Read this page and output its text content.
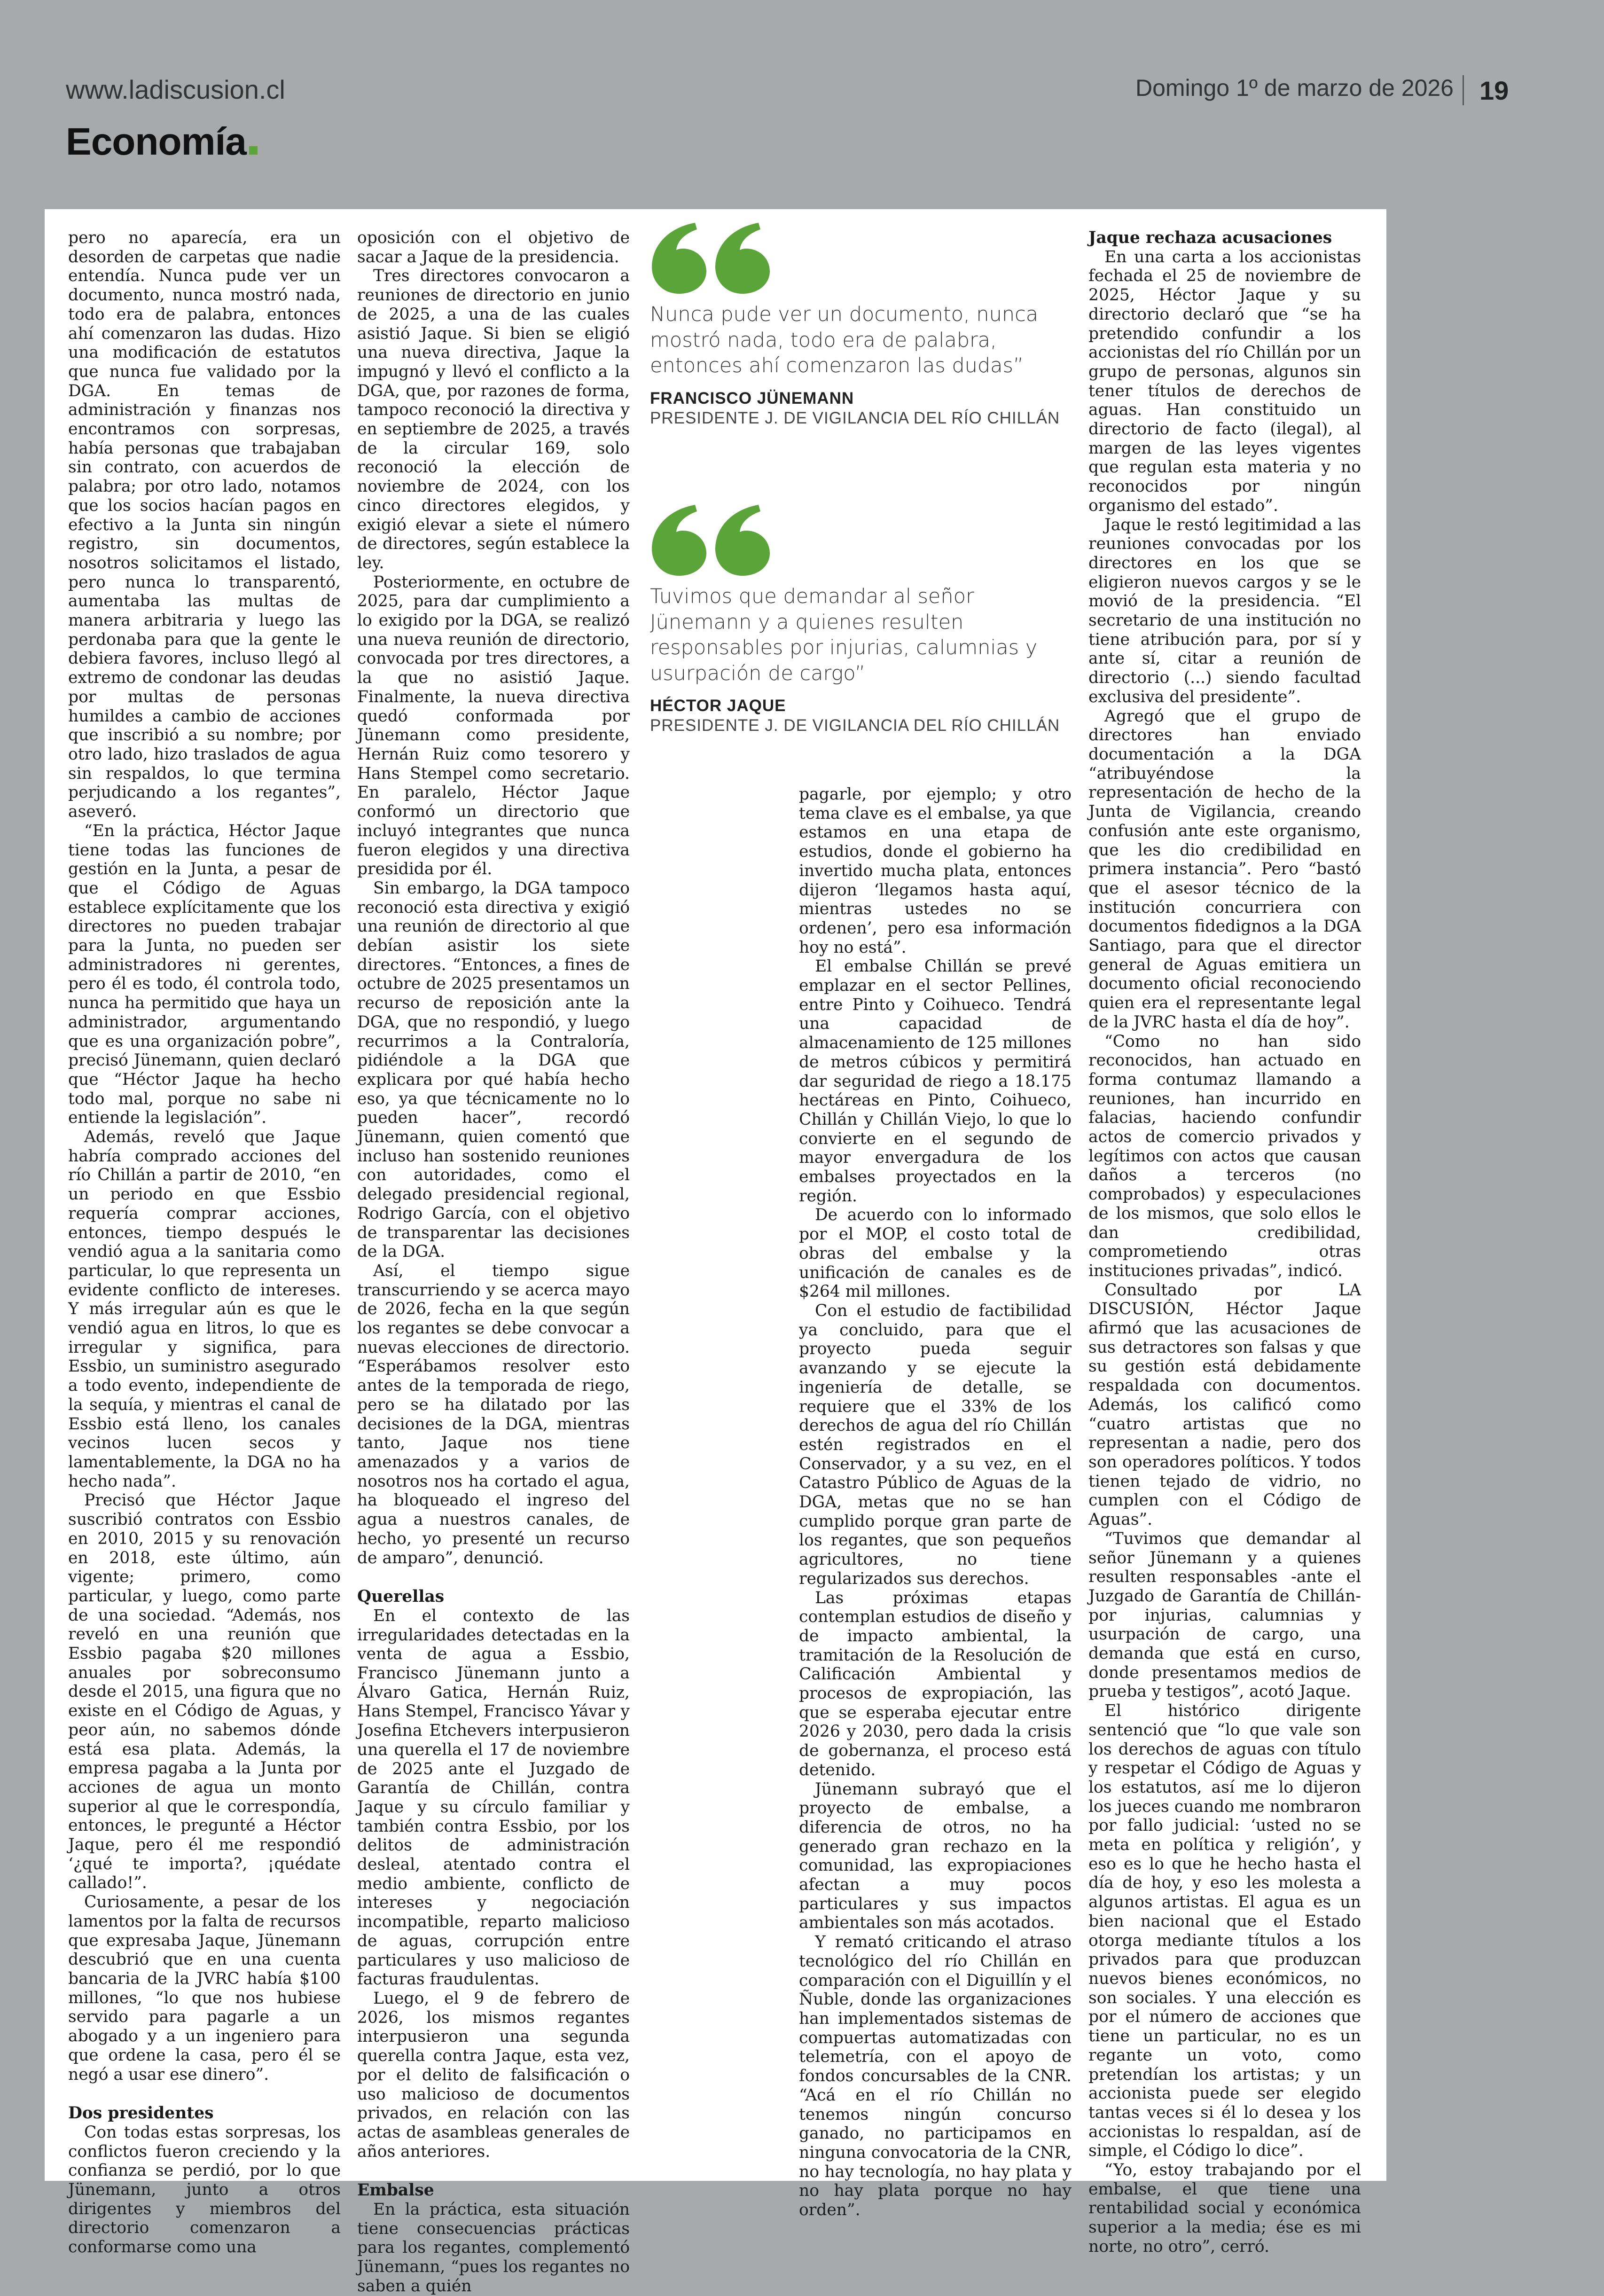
www.ladiscusion.cl	Domingo 1º de marzo de 2026 19
Economía

pero no aparecía, era un desorden de carpetas que nadie entendía. Nunca pude ver un documento, nunca mostró nada, todo era de palabra, entonces ahí comenzaron las dudas. Hizo una modificación de estatutos que nunca fue validado por la DGA. En temas de administración y finanzas nos encontramos con sorpresas, había personas que trabajaban sin contrato, con acuerdos de palabra; por otro lado, notamos que los socios hacían pagos en efectivo a la Junta sin ningún registro, sin documentos, nosotros solicitamos el listado, pero nunca lo transparentó, aumentaba las multas de manera arbitraria y luego las perdonaba para que la gente le debiera favores, incluso llegó al extremo de condonar las deudas por multas de personas humildes a cambio de acciones que inscribió a su nombre; por otro lado, hizo traslados de agua sin respaldos, lo que termina perjudicando a los regantes”, aseveró.

“En la práctica, Héctor Jaque tiene todas las funciones de gestión en la Junta, a pesar de que el Código de Aguas establece explícitamente que los directores no pueden trabajar para la Junta, no pueden ser administradores ni gerentes, pero él es todo, él controla todo, nunca ha permitido que haya un administrador, argumentando que es una organización pobre”, precisó Jünemann, quien declaró que “Héctor Jaque ha hecho todo mal, porque no sabe ni entiende la legislación”.

Además, reveló que Jaque habría comprado acciones del río Chillán a partir de 2010, “en un periodo en que Essbio requería comprar acciones, entonces, tiempo después le vendió agua a la sanitaria como particular, lo que representa un evidente conflicto de intereses. Y más irregular aún es que le vendió agua en litros, lo que es irregular y significa, para Essbio, un suministro asegurado a todo evento, independiente de la sequía, y mientras el canal de Essbio está lleno, los canales vecinos lucen secos y lamentablemente, la DGA no ha hecho nada”.

Precisó que Héctor Jaque suscribió contratos con Essbio en 2010, 2015 y su renovación en 2018, este último, aún vigente; primero, como particular, y luego, como parte de una sociedad. “Además, nos reveló en una reunión que Essbio pagaba $20 millones anuales por sobreconsumo desde el 2015, una figura que no existe en el Código de Aguas, y peor aún, no sabemos dónde está esa plata. Además, la empresa pagaba a la Junta por acciones de agua un monto superior al que le correspondía, entonces, le pregunté a Héctor Jaque, pero él me respondió ‘¿qué te importa?, ¡quédate callado!”.

Curiosamente, a pesar de los lamentos por la falta de recursos que expresaba Jaque, Jünemann descubrió que en una cuenta bancaria de la JVRC había $100 millones, “lo que nos hubiese servido para pagarle a un abogado y a un ingeniero para que ordene la casa, pero él se negó a usar ese dinero”.

Dos presidentes

Con todas estas sorpresas, los conflictos fueron creciendo y la confianza se perdió, por lo que Jünemann, junto a otros dirigentes y miembros del directorio comenzaron a conformarse como una

oposición con el objetivo de sacar a Jaque de la presidencia.

Tres directores convocaron a reuniones de directorio en junio de 2025, a una de las cuales asistió Jaque. Si bien se eligió una nueva directiva, Jaque la impugnó y llevó el conflicto a la DGA, que, por razones de forma, tampoco reconoció la directiva y en septiembre de 2025, a través de la circular 169, solo reconoció la elección de noviembre de 2024, con los cinco directores elegidos, y exigió elevar a siete el número de directores, según establece la ley.

Posteriormente, en octubre de 2025, para dar cumplimiento a lo exigido por la DGA, se realizó una nueva reunión de directorio, convocada por tres directores, a la que no asistió Jaque. Finalmente, la nueva directiva quedó conformada por Jünemann como presidente, Hernán Ruiz como tesorero y Hans Stempel como secretario. En paralelo, Héctor Jaque conformó un directorio que incluyó integrantes que nunca fueron elegidos y una directiva presidida por él.

Sin embargo, la DGA tampoco reconoció esta directiva y exigió una reunión de directorio al que debían asistir los siete directores. “Entonces, a fines de octubre de 2025 presentamos un recurso de reposición ante la DGA, que no respondió, y luego recurrimos a la Contraloría, pidiéndole a la DGA que explicara por qué había hecho eso, ya que técnicamente no lo pueden hacer”, recordó Jünemann, quien comentó que incluso han sostenido reuniones con autoridades, como el delegado presidencial regional, Rodrigo García, con el objetivo de transparentar las decisiones de la DGA.

Así, el tiempo sigue transcurriendo y se acerca mayo de 2026, fecha en la que según los regantes se debe convocar a nuevas elecciones de directorio. “Esperábamos resolver esto antes de la temporada de riego, pero se ha dilatado por las decisiones de la DGA, mientras tanto, Jaque nos tiene amenazados y a varios de nosotros nos ha cortado el agua, ha bloqueado el ingreso del agua a nuestros canales, de hecho, yo presenté un recurso de amparo”, denunció.

Querellas

En el contexto de las irregularidades detectadas en la venta de agua a Essbio, Francisco Jünemann junto a Álvaro Gatica, Hernán Ruiz, Hans Stempel, Francisco Yávar y Josefina Etchevers interpusieron una querella el 17 de noviembre de 2025 ante el Juzgado de Garantía de Chillán, contra Jaque y su círculo familiar y también contra Essbio, por los delitos de administración desleal, atentado contra el medio ambiente, conflicto de intereses y negociación incompatible, reparto malicioso de aguas, corrupción entre particulares y uso malicioso de facturas fraudulentas.

Luego, el 9 de febrero de 2026, los mismos regantes interpusieron una segunda querella contra Jaque, esta vez, por el delito de falsificación o uso malicioso de documentos privados, en relación con las actas de asambleas generales de años anteriores.

Embalse

En la práctica, esta situación tiene consecuencias prácticas para los regantes, complementó Jünemann, “pues los regantes no saben a quién

Nunca pude ver un documento, nunca mostró nada, todo era de palabra, entonces ahí comenzaron las dudas”
FRANCISCO JÜNEMANN
PRESIDENTE J. DE VIGILANCIA DEL RÍO CHILLÁN
Tuvimos que demandar al señor Jünemann y a quienes resulten responsables por injurias, calumnias y usurpación de cargo”
HÉCTOR JAQUE
PRESIDENTE J. DE VIGILANCIA DEL RÍO CHILLÁN

pagarle, por ejemplo; y otro tema clave es el embalse, ya que estamos en una etapa de estudios, donde el gobierno ha invertido mucha plata, entonces dijeron ‘llegamos hasta aquí, mientras ustedes no se ordenen’, pero esa información hoy no está”.

El embalse Chillán se prevé emplazar en el sector Pellines, entre Pinto y Coihueco. Tendrá una capacidad de almacenamiento de 125 millones de metros cúbicos y permitirá dar seguridad de riego a 18.175 hectáreas en Pinto, Coihueco, Chillán y Chillán Viejo, lo que lo convierte en el segundo de mayor envergadura de los embalses proyectados en la región.

De acuerdo con lo informado por el MOP, el costo total de obras del embalse y la unificación de canales es de $264 mil millones.

Con el estudio de factibilidad ya concluido, para que el proyecto pueda seguir avanzando y se ejecute la ingeniería de detalle, se requiere que el 33% de los derechos de agua del río Chillán estén registrados en el Conservador, y a su vez, en el Catastro Público de Aguas de la DGA, metas que no se han cumplido porque gran parte de los regantes, que son pequeños agricultores, no tiene regularizados sus derechos.

Las próximas etapas contemplan estudios de diseño y de impacto ambiental, la tramitación de la Resolución de Calificación Ambiental y procesos de expropiación, las que se esperaba ejecutar entre 2026 y 2030, pero dada la crisis de gobernanza, el proceso está detenido.

Jünemann subrayó que el proyecto de embalse, a diferencia de otros, no ha generado gran rechazo en la comunidad, las expropiaciones afectan a muy pocos particulares y sus impactos ambientales son más acotados.

Y remató criticando el atraso tecnológico del río Chillán en comparación con el Diguillín y el Ñuble, donde las organizaciones han implementados sistemas de compuertas automatizadas con telemetría, con el apoyo de fondos concursables de la CNR. “Acá en el río Chillán no tenemos ningún concurso ganado, no participamos en ninguna convocatoria de la CNR, no hay tecnología, no hay plata y no hay plata porque no hay orden”.

Jaque rechaza acusaciones

En una carta a los accionistas fechada el 25 de noviembre de 2025, Héctor Jaque y su directorio declaró que “se ha pretendido confundir a los accionistas del río Chillán por un grupo de personas, algunos sin tener títulos de derechos de aguas. Han constituido un directorio de facto (ilegal), al margen de las leyes vigentes que regulan esta materia y no reconocidos por ningún organismo del estado”.

Jaque le restó legitimidad a las reuniones convocadas por los directores en los que se eligieron nuevos cargos y se le movió de la presidencia. “El secretario de una institución no tiene atribución para, por sí y ante sí, citar a reunión de directorio (...) siendo facultad exclusiva del presidente”.

Agregó que el grupo de directores han enviado documentación a la DGA “atribuyéndose la representación de hecho de la Junta de Vigilancia, creando confusión ante este organismo, que les dio credibilidad en primera instancia”. Pero “bastó que el asesor técnico de la institución concurriera con documentos fidedignos a la DGA Santiago, para que el director general de Aguas emitiera un documento oficial reconociendo quien era el representante legal de la JVRC hasta el día de hoy”.

“Como no han sido reconocidos, han actuado en forma contumaz llamando a reuniones, han incurrido en falacias, haciendo confundir actos de comercio privados y legítimos con actos que causan daños a terceros (no comprobados) y especulaciones de los mismos, que solo ellos le dan credibilidad, comprometiendo otras instituciones privadas”, indicó.

Consultado por LA DISCUSIÓN, Héctor Jaque afirmó que las acusaciones de sus detractores son falsas y que su gestión está debidamente respaldada con documentos. Además, los calificó como “cuatro artistas que no representan a nadie, pero dos son operadores políticos. Y todos tienen tejado de vidrio, no cumplen con el Código de Aguas”.

“Tuvimos que demandar al señor Jünemann y a quienes resulten responsables -ante el Juzgado de Garantía de Chillán- por injurias, calumnias y usurpación de cargo, una demanda que está en curso, donde presentamos medios de prueba y testigos”, acotó Jaque.

El histórico dirigente sentenció que “lo que vale son los derechos de aguas con título y respetar el Código de Aguas y los estatutos, así me lo dijeron los jueces cuando me nombraron por fallo judicial: ‘usted no se meta en política y religión’, y eso es lo que he hecho hasta el día de hoy, y eso les molesta a algunos artistas. El agua es un bien nacional que el Estado otorga mediante títulos a los privados para que produzcan nuevos bienes económicos, no son sociales. Y una elección es por el número de acciones que tiene un particular, no es un regante un voto, como pretendían los artistas; y un accionista puede ser elegido tantas veces si él lo desea y los accionistas lo respaldan, así de simple, el Código lo dice”.

“Yo, estoy trabajando por el embalse, el que tiene una rentabilidad social y económica superior a la media; ése es mi norte, no otro”, cerró.
